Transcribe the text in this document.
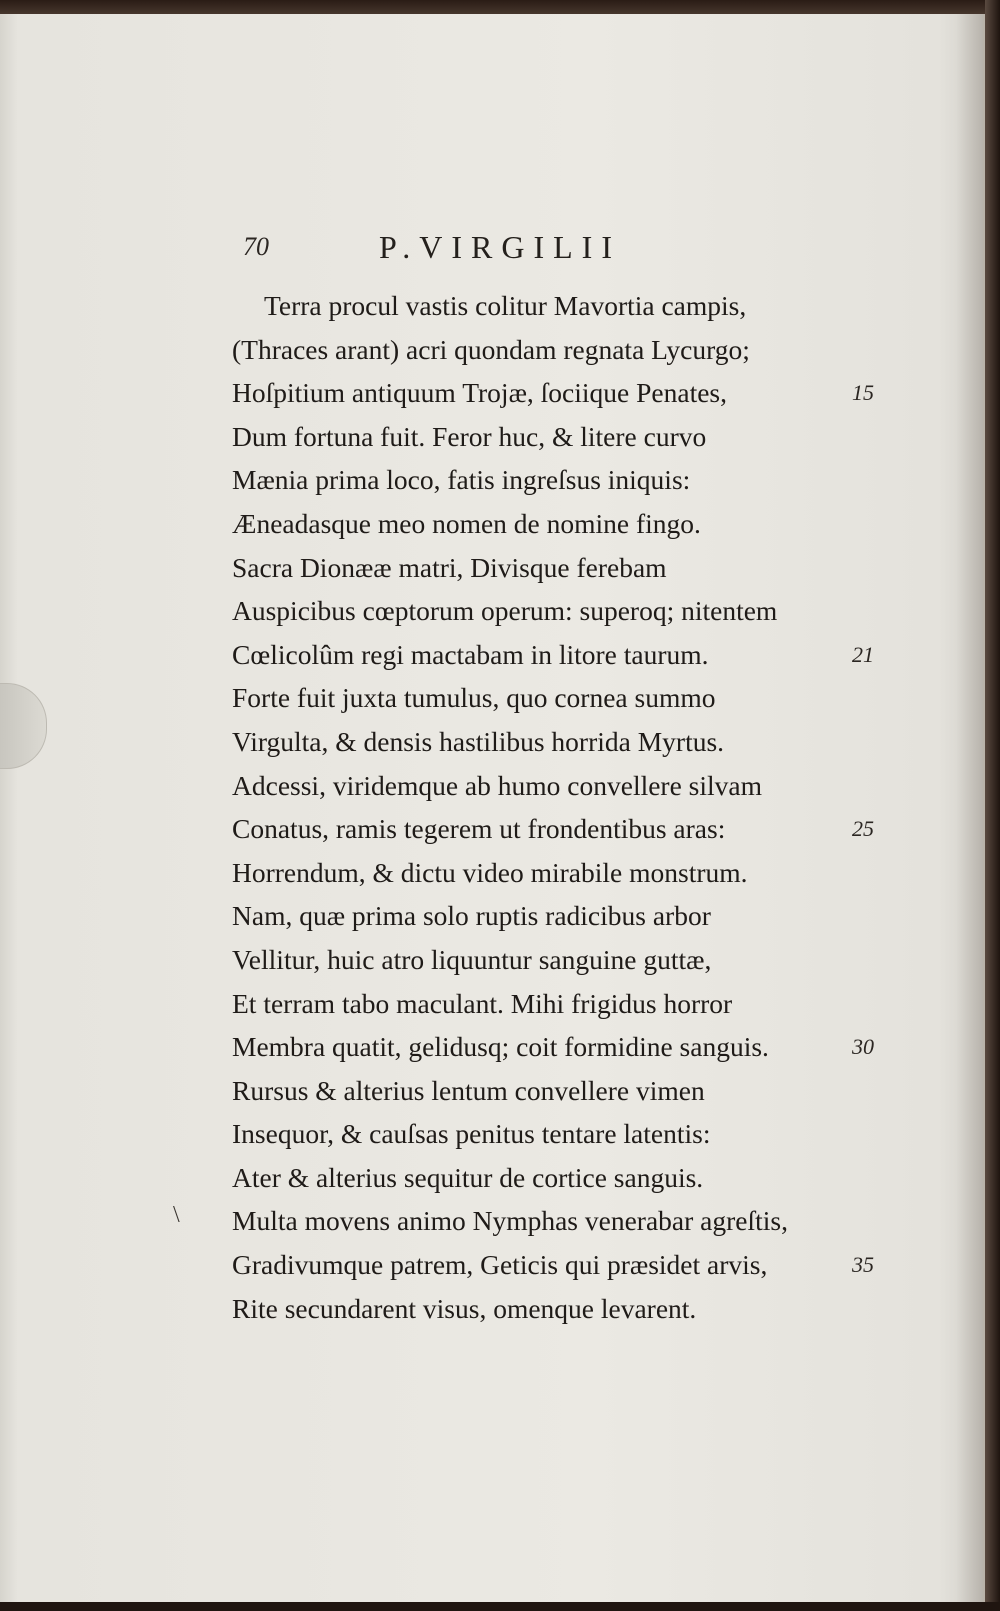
\
70	P.VIRGILII
Terra procul vastis colitur Mavortia campis,
(Thraces arant) acri quondam regnata Lycurgo;
Hoſpitium antiquum Trojæ, ſociique Penates,	15
Dum fortuna fuit. Feror huc, & litere curvo
Mænia prima loco, fatis ingreſsus iniquis:
Æneadasque meo nomen de nomine fingo.
Sacra Dionææ matri, Divisque ferebam
Auspicibus cœptorum operum: superoq; nitentem
Cœlicolûm regi mactabam in litore taurum.	21
Forte fuit juxta tumulus, quo cornea summo
Virgulta, & densis hastilibus horrida Myrtus.
Adcessi, viridemque ab humo convellere silvam
Conatus, ramis tegerem ut frondentibus aras:	25
Horrendum, & dictu video mirabile monstrum.
Nam, quæ prima solo ruptis radicibus arbor
Vellitur, huic atro liquuntur sanguine guttæ,
Et terram tabo maculant. Mihi frigidus horror
Membra quatit, gelidusq; coit formidine sanguis.	30
Rursus & alterius lentum convellere vimen
Insequor, & cauſsas penitus tentare latentis:
Ater & alterius sequitur de cortice sanguis.
Multa movens animo Nymphas venerabar agreſtis,
Gradivumque patrem, Geticis qui præsidet arvis,	35
Rite secundarent visus, omenque levarent.
